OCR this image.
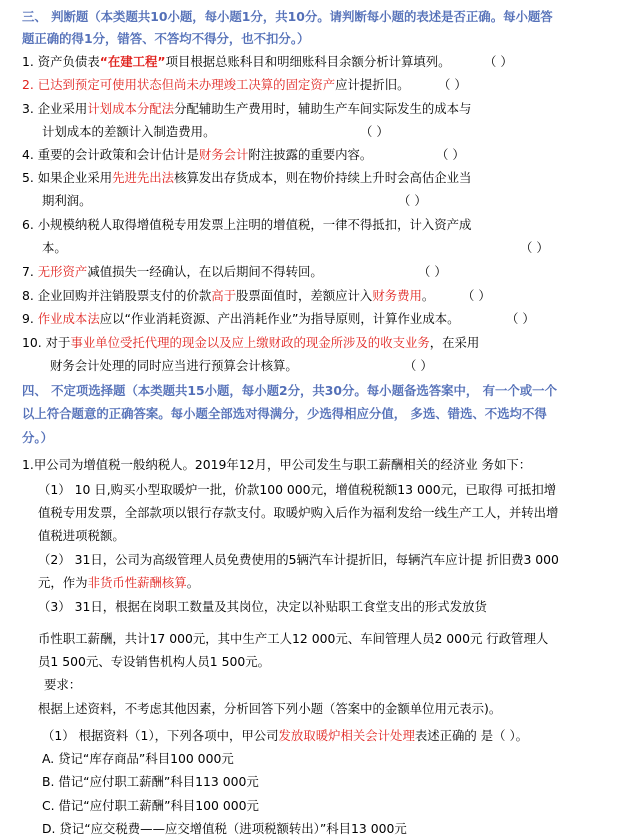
三、 判断题（本类题共10小题，每小题1分，共10分。请判断每小题的表述是否正确。每小题答
题正确的得1分，错答、不答均不得分，也不扣分。）
1. 资产负债表“在建工程”项目根据总账科目和明细账科目余额分析计算填列。	（ ）
2. 已达到预定可使用状态但尚未办理竣工决算的固定资产应计提折旧。 （ ）
3. 企业采用计划成本分配法分配辅助生产费用时，辅助生产车间实际发生的成本与
计划成本的差额计入制造费用。	（ ）
4. 重要的会计政策和会计估计是财务会计附注披露的重要内容。	（ ）
5. 如果企业采用先进先出法核算发出存货成本，则在物价持续上升时会高估企业当
期利润。	（ ）
6. 小规模纳税人取得增值税专用发票上注明的增值税，一律不得抵扣，计入资产成
本。	（ ）
7. 无形资产减值损失一经确认，在以后期间不得转回。	（ ）
8. 企业回购并注销股票支付的价款高于股票面值时，差额应计入财务费用。 （ ）
9. 作业成本法应以“作业消耗资源、产出消耗作业”为指导原则，计算作业成本。	（ ）
10. 对于事业单位受托代理的现金以及应上缴财政的现金所涉及的收支业务，在采用
财务会计处理的同时应当进行预算会计核算。	（ ）
四、 不定项选择题（本类题共15小题，每小题2分，共30分。每小题备选答案中， 有一个或一个
以上符合题意的正确答案。每小题全部选对得满分，少选得相应分值， 多选、错选、不选均不得
分。）
1.甲公司为增值税一般纳税人。2019年12月，甲公司发生与职工薪酬相关的经济业 务如下：
（1） 10 日,购买小型取暖炉一批，价款100 000元，增值税税额13 000元，已取得 可抵扣增
值税专用发票，全部款项以银行存款支付。取暖炉购入后作为福利发给一线生产工人，并转出增
值税进项税额。
（2） 31日，公司为高级管理人员免费使用的5辆汽车计提折旧，每辆汽车应计提 折旧费3 000
元，作为非货币性薪酬核算。
（3） 31日，根据在岗职工数量及其岗位，决定以补贴职工食堂支出的形式发放货
币性职工薪酬，共计17 000元，其中生产工人12 000元、车间管理人员2 000元 行政管理人
员1 500元、专设销售机构人员1 500元。
要求：
根据上述资料，不考虑其他因素，分析回答下列小题（答案中的金额单位用元表示)。
（1） 根据资料（1），下列各项中，甲公司发放取暖炉相关会计处理表述正确的 是（ ）。
A. 贷记“库存商品”科目100 000元
B. 借记“应付职工薪酬”科目113 000元
C. 借记“应付职工薪酬”科目100 000元
D. 贷记“应交税费——应交增值税（进项税额转出）”科目13 000元
